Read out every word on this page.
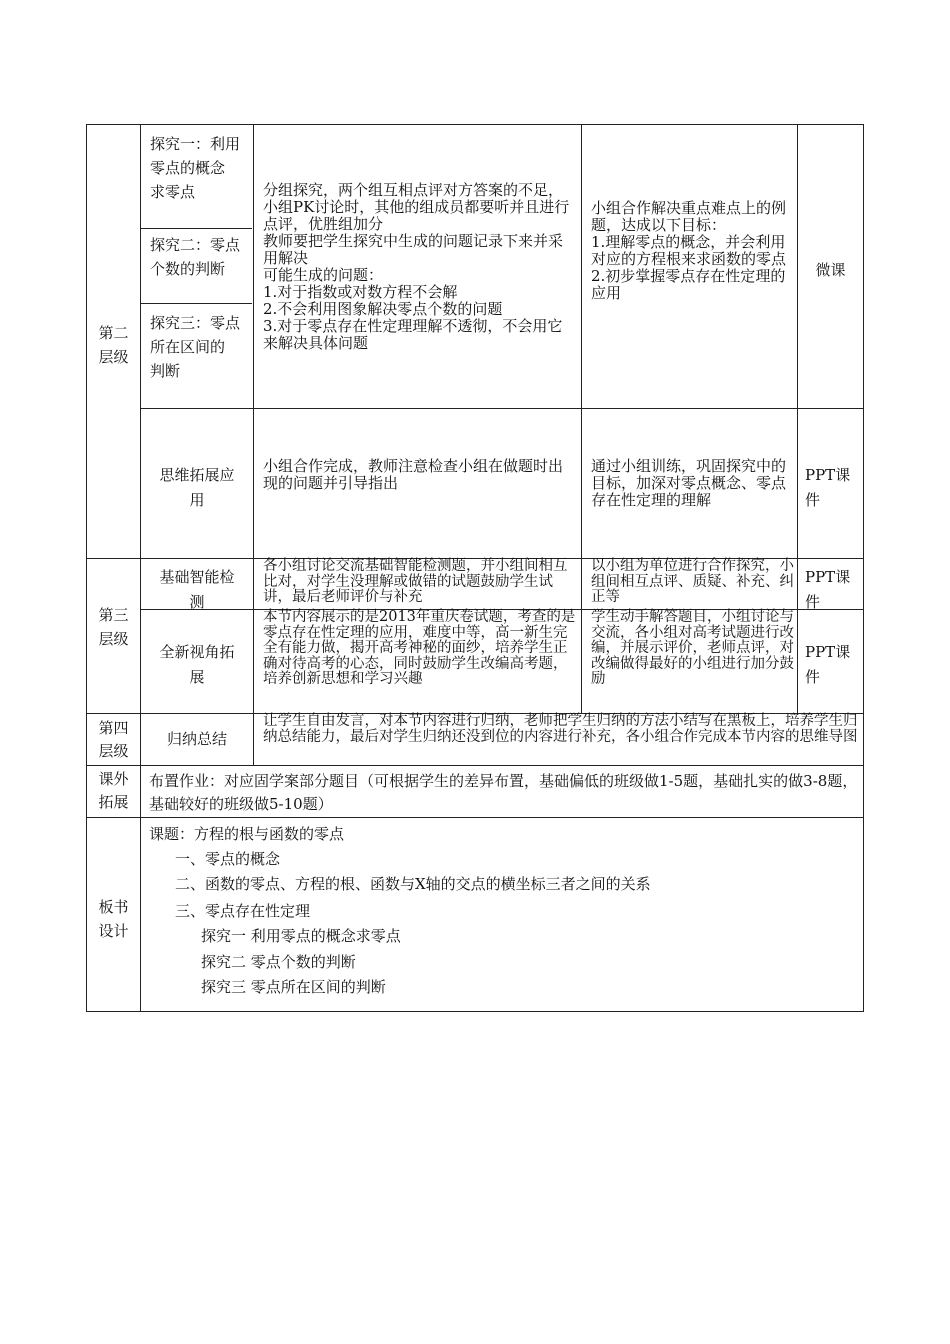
第二
层级
探究一：利用
零点的概念
求零点
探究二：零点
个数的判断
探究三：零点
所在区间的
判断
分组探究，两个组互相点评对方答案的不足，小组PK讨论时，其他的组成员都要听并且进行点评，优胜组加分
教师要把学生探究中生成的问题记录下来并采用解决
可能生成的问题：
1.对于指数或对数方程不会解
2.不会利用图象解决零点个数的问题
3.对于零点存在性定理理解不透彻，不会用它来解决具体问题
小组合作解决重点难点上的例题，达成以下目标：
1.理解零点的概念，并会利用对应的方程根来求函数的零点
2.初步掌握零点存在性定理的应用
微课
思维拓展应
用
小组合作完成，教师注意检查小组在做题时出现的问题并引导指出
通过小组训练，巩固探究中的目标，加深对零点概念、零点存在性定理的理解
PPT课
件
第三
层级
基础智能检
测
各小组讨论交流基础智能检测题，并小组间相互比对，对学生没理解或做错的试题鼓励学生试讲，最后老师评价与补充
以小组为单位进行合作探究，小组间相互点评、质疑、补充、纠正等
PPT课
件
全新视角拓
展
本节内容展示的是2013年重庆卷试题，考查的是零点存在性定理的应用，难度中等，高一新生完全有能力做，揭开高考神秘的面纱，培养学生正确对待高考的心态，同时鼓励学生改编高考题，培养创新思想和学习兴趣
学生动手解答题目，小组讨论与交流，各小组对高考试题进行改编，并展示评价，老师点评，对改编做得最好的小组进行加分鼓励
PPT课
件
第四
层级
归纳总结
让学生自由发言，对本节内容进行归纳，老师把学生归纳的方法小结写在黑板上，培养学生归纳总结能力，最后对学生归纳还没到位的内容进行补充，各小组合作完成本节内容的思维导图
课外
拓展
布置作业：对应固学案部分题目（可根据学生的差异布置，基础偏低的班级做1-5题，基础扎实的做3-8题，基础较好的班级做5-10题）
板书
设计
课题：方程的根与函数的零点
一、零点的概念
二、函数的零点、方程的根、函数与X轴的交点的横坐标三者之间的关系
三、零点存在性定理
探究一 利用零点的概念求零点
探究二 零点个数的判断
探究三 零点所在区间的判断
